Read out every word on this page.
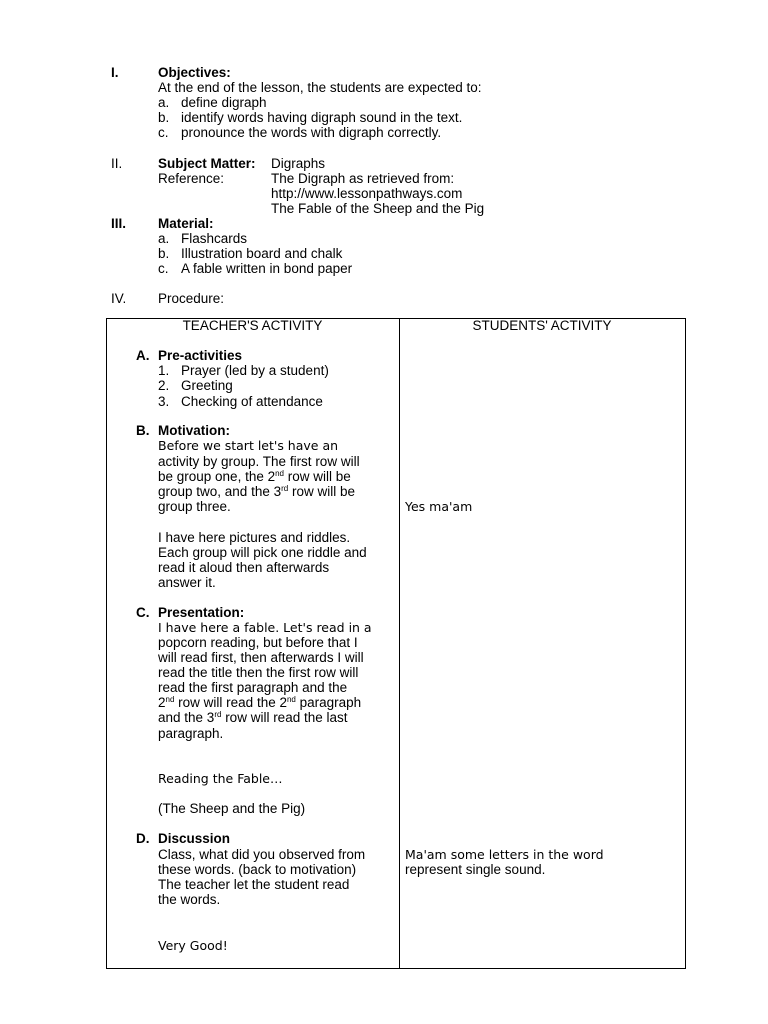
I.	Objectives:
At the end of the lesson, the students are expected to:
a. define digraph
b. identify words having digraph sound in the text.
c. pronounce the words with digraph correctly.
II.	Subject Matter: Digraphs
Reference:	The Digraph as retrieved from:
http://www.lessonpathways.com
The Fable of the Sheep and the Pig
III. Material:
a. Flashcards
b. Illustration board and chalk
c. A fable written in bond paper
IV. Procedure:
TEACHER'S ACTIVITY	STUDENTS' ACTIVITY
A. Pre-activities
1. Prayer (led by a student)
2. Greeting
3. Checking of attendance
B. Motivation:
Before we start let's have an
activity by group. The first row will
be group one, the 2nd row will be
group two, and the 3rd row will be
group three.	Yes ma'am
I have here pictures and riddles.
Each group will pick one riddle and
read it aloud then afterwards
answer it.
C. Presentation:
I have here a fable. Let's read in a
popcorn reading, but before that I
will read first, then afterwards I will
read the title then the first row will
read the first paragraph and the
2nd row will read the 2nd paragraph
and the 3rd row will read the last
paragraph.
Reading the Fable…
(The Sheep and the Pig)
D. Discussion
Class, what did you observed from	Ma'am some letters in the word
these words. (back to motivation)	represent single sound.
The teacher let the student read
the words.
Very Good!
